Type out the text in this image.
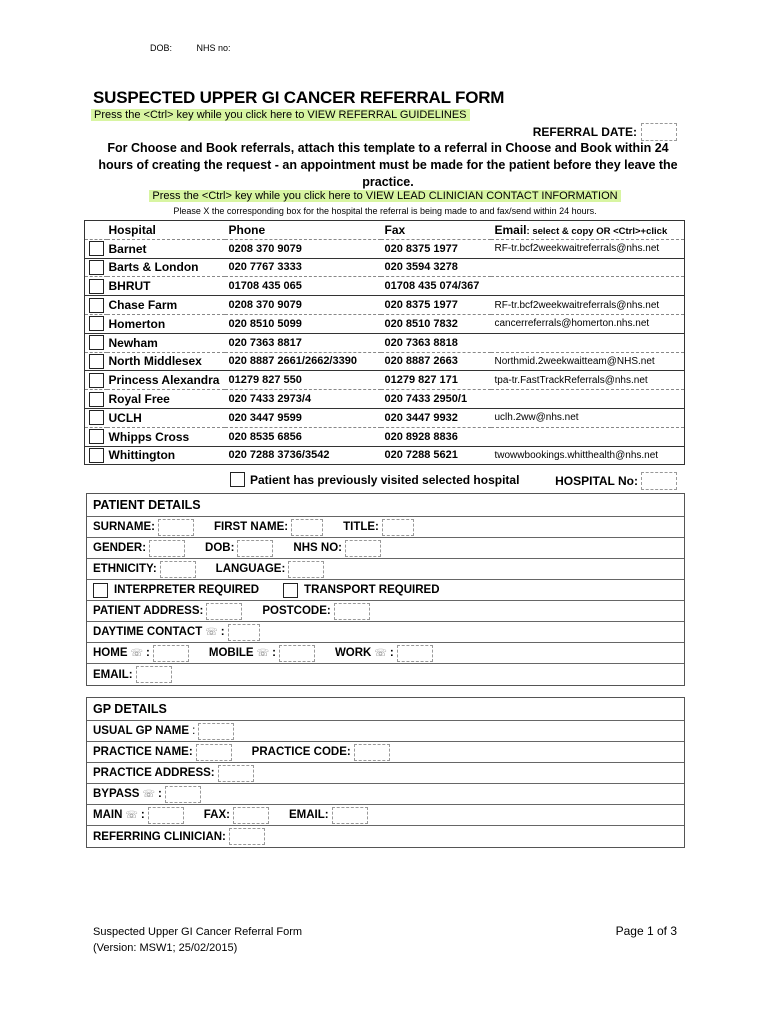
DOB:	NHS no:
SUSPECTED UPPER GI CANCER REFERRAL FORM
Press the <Ctrl> key while you click here to VIEW REFERRAL GUIDELINES
REFERRAL DATE:
For Choose and Book referrals, attach this template to a referral in Choose and Book within 24 hours of creating the request - an appointment must be made for the patient before they leave the practice.
Press the <Ctrl> key while you click here to VIEW LEAD CLINICIAN CONTACT INFORMATION
Please X the corresponding box for the hospital the referral is being made to and fax/send within 24 hours.
	Hospital	Phone	Fax	Email: select & copy OR <Ctrl>+click
	Barnet	0208 370 9079	020 8375 1977	RF-tr.bcf2weekwaitreferrals@nhs.net
	Barts & London	020 7767 3333	020 3594 3278	
	BHRUT	01708 435 065	01708 435 074/367	
	Chase Farm	0208 370 9079	020 8375 1977	RF-tr.bcf2weekwaitreferrals@nhs.net
	Homerton	020 8510 5099	020 8510 7832	cancerreferrals@homerton.nhs.net
	Newham	020 7363 8817	020 7363 8818	
	North Middlesex	020 8887 2661/2662/3390	020 8887 2663	Northmid.2weekwaitteam@NHS.net
	Princess Alexandra	01279 827 550	01279 827 171	tpa-tr.FastTrackReferrals@nhs.net
	Royal Free	020 7433 2973/4	020 7433 2950/1	
	UCLH	020 3447 9599	020 3447 9932	uclh.2ww@nhs.net
	Whipps Cross	020 8535 6856	020 8928 8836	
	Whittington	020 7288 3736/3542	020 7288 5621	twowwbookings.whitthealth@nhs.net
Patient has previously visited selected hospital	HOSPITAL No:
PATIENT DETAILS
SURNAME:	FIRST NAME:	TITLE:
GENDER:	DOB:	NHS NO:
ETHNICITY:	LANGUAGE:
INTERPRETER REQUIRED	TRANSPORT REQUIRED
PATIENT ADDRESS:	POSTCODE:
DAYTIME CONTACT ☏ :
HOME ☏ :	MOBILE ☏ :	WORK ☏ :
EMAIL:
GP DETAILS
USUAL GP NAME :
PRACTICE NAME:	PRACTICE CODE:
PRACTICE ADDRESS:
BYPASS ☏ :
MAIN ☏ :	FAX:	EMAIL:
REFERRING CLINICIAN:
Suspected Upper GI Cancer Referral Form
(Version: MSW1; 25/02/2015)
Page 1 of 3
